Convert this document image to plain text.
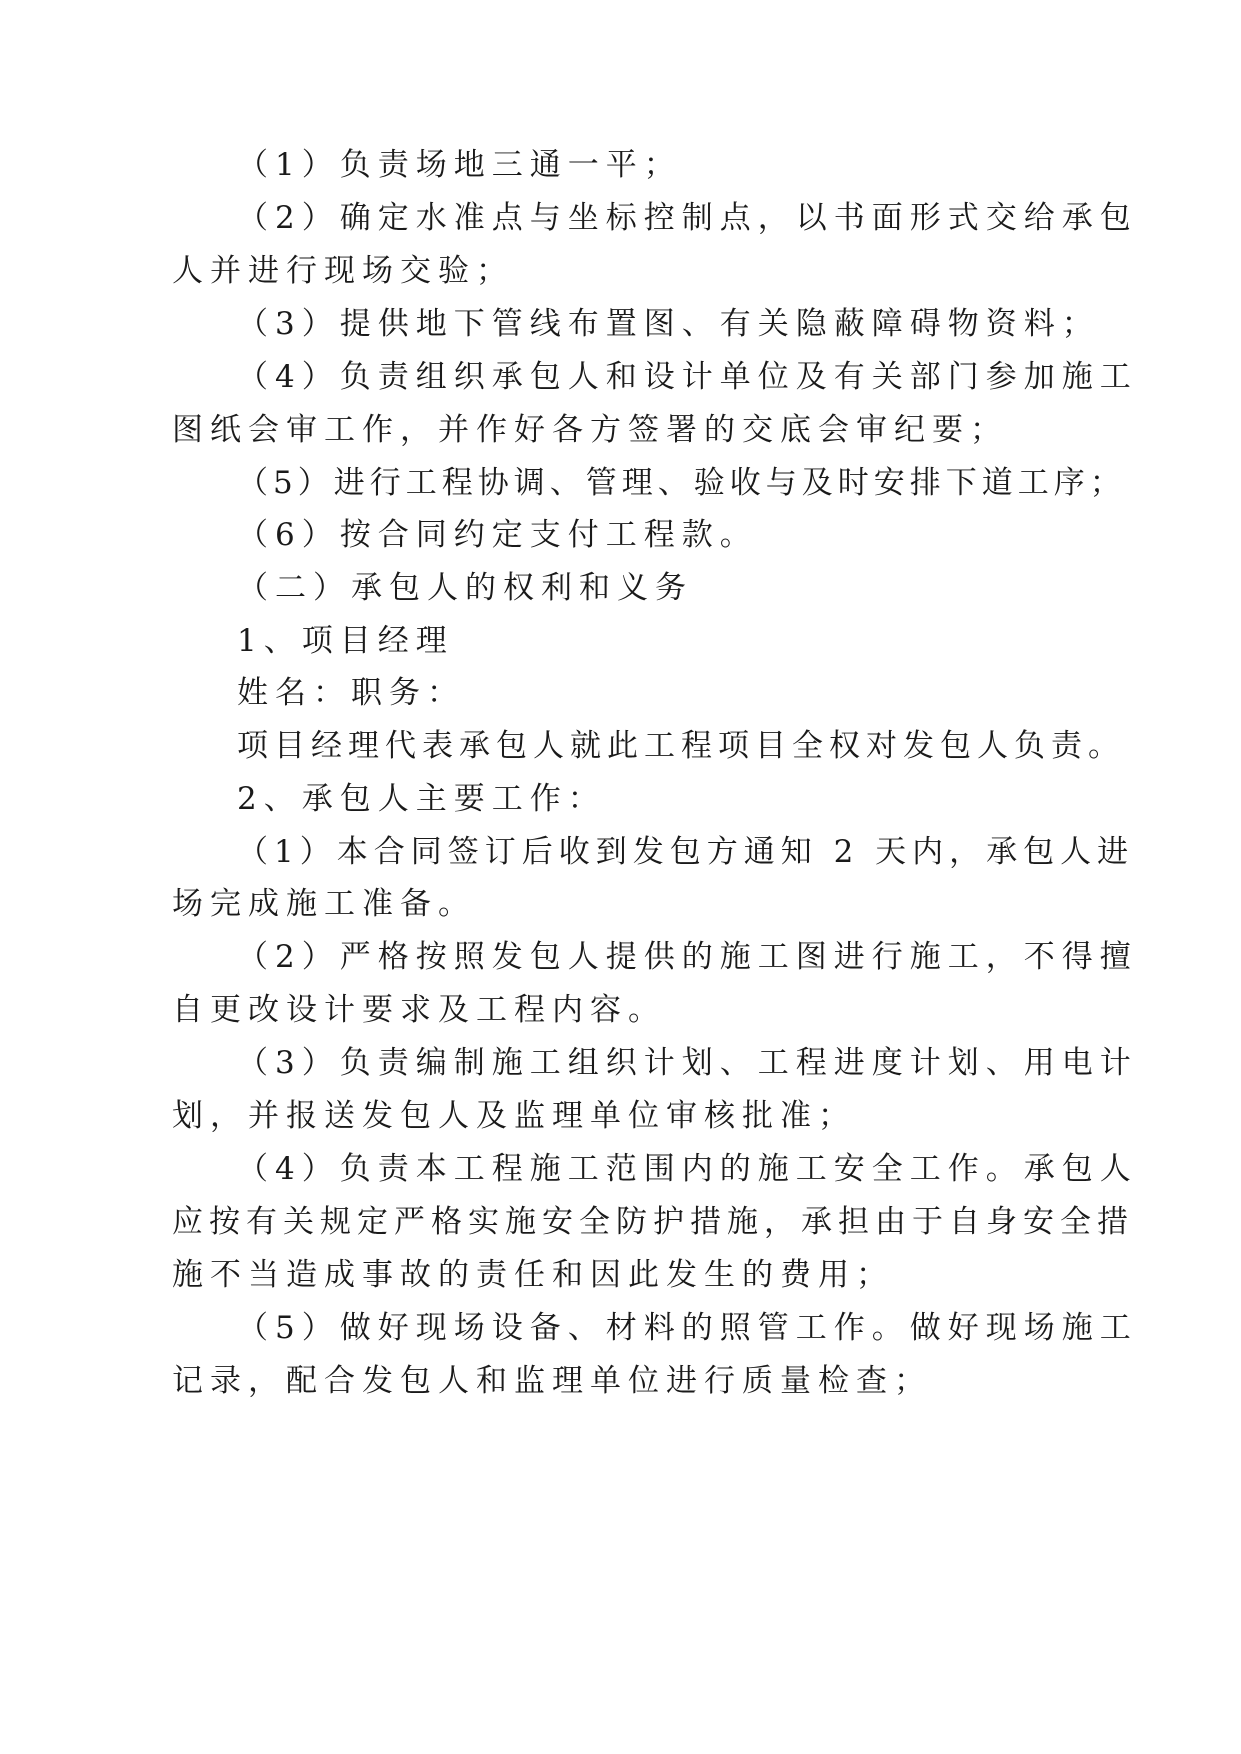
（1）负责场地三通一平；
（2）确定水准点与坐标控制点，以书面形式交给承包
人并进行现场交验；
（3）提供地下管线布置图、有关隐蔽障碍物资料；
（4）负责组织承包人和设计单位及有关部门参加施工
图纸会审工作，并作好各方签署的交底会审纪要；
（5）进行工程协调、管理、验收与及时安排下道工序；
（6）按合同约定支付工程款。
（二）承包人的权利和义务
1、项目经理
姓名：职务：
项目经理代表承包人就此工程项目全权对发包人负责。
2、承包人主要工作：
（1）本合同签订后收到发包方通知 2 天内，承包人进
场完成施工准备。
（2）严格按照发包人提供的施工图进行施工，不得擅
自更改设计要求及工程内容。
（3）负责编制施工组织计划、工程进度计划、用电计
划，并报送发包人及监理单位审核批准；
（4）负责本工程施工范围内的施工安全工作。承包人
应按有关规定严格实施安全防护措施，承担由于自身安全措
施不当造成事故的责任和因此发生的费用；
（5）做好现场设备、材料的照管工作。做好现场施工
记录，配合发包人和监理单位进行质量检查；
